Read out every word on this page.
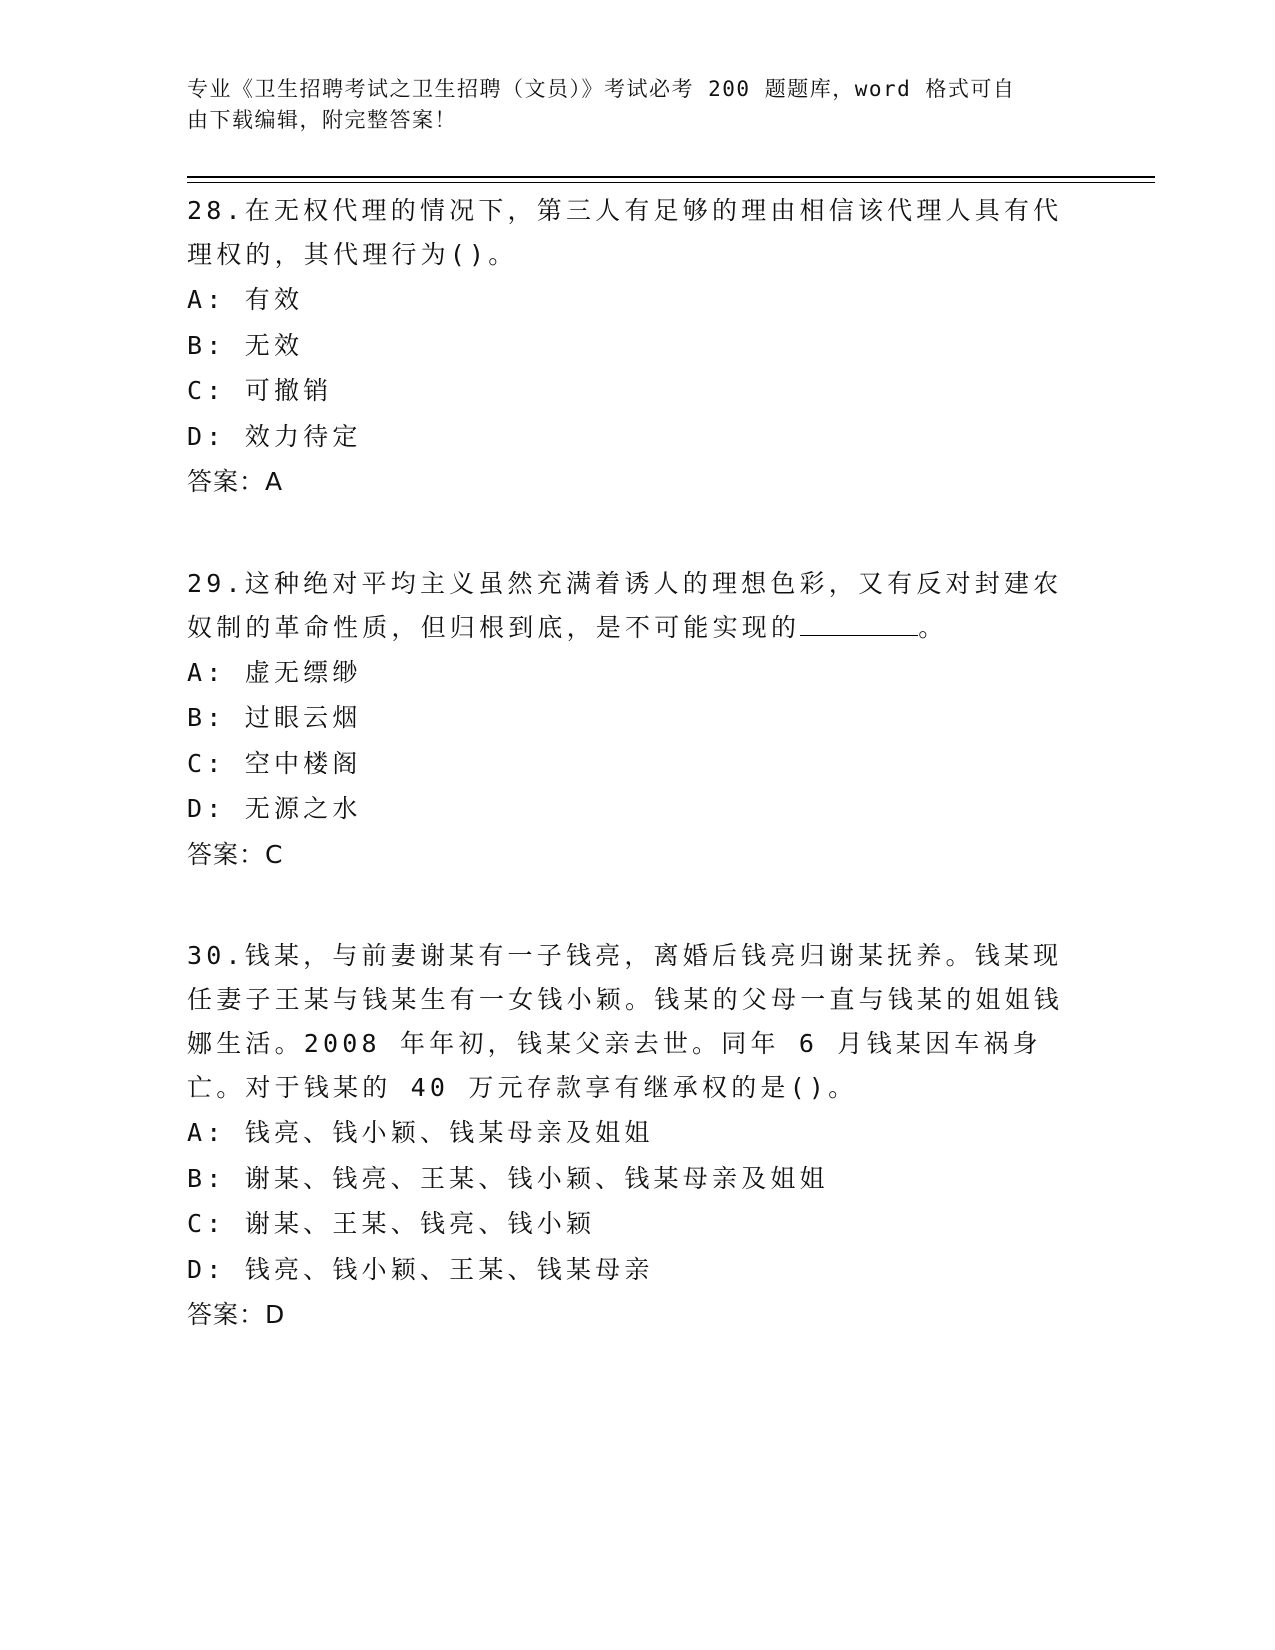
专业《卫生招聘考试之卫生招聘（文员）》考试必考 200 题题库，word 格式可自
由下载编辑，附完整答案！

28.在无权代理的情况下，第三人有足够的理由相信该代理人具有代理权的，其代理行为()。

A: 有效
B: 无效
C: 可撤销
D: 效力待定
答案：A

29.这种绝对平均主义虽然充满着诱人的理想色彩，又有反对封建农奴制的革命性质，但归根到底，是不可能实现的	。

A: 虚无缥缈
B: 过眼云烟
C: 空中楼阁
D: 无源之水
答案：C

30.钱某，与前妻谢某有一子钱亮，离婚后钱亮归谢某抚养。钱某现任妻子王某与钱某生有一女钱小颖。钱某的父母一直与钱某的姐姐钱娜生活。2008 年年初，钱某父亲去世。同年 6 月钱某因车祸身亡。对于钱某的 40 万元存款享有继承权的是()。

A: 钱亮、钱小颖、钱某母亲及姐姐
B: 谢某、钱亮、王某、钱小颖、钱某母亲及姐姐
C: 谢某、王某、钱亮、钱小颖
D: 钱亮、钱小颖、王某、钱某母亲
答案：D
